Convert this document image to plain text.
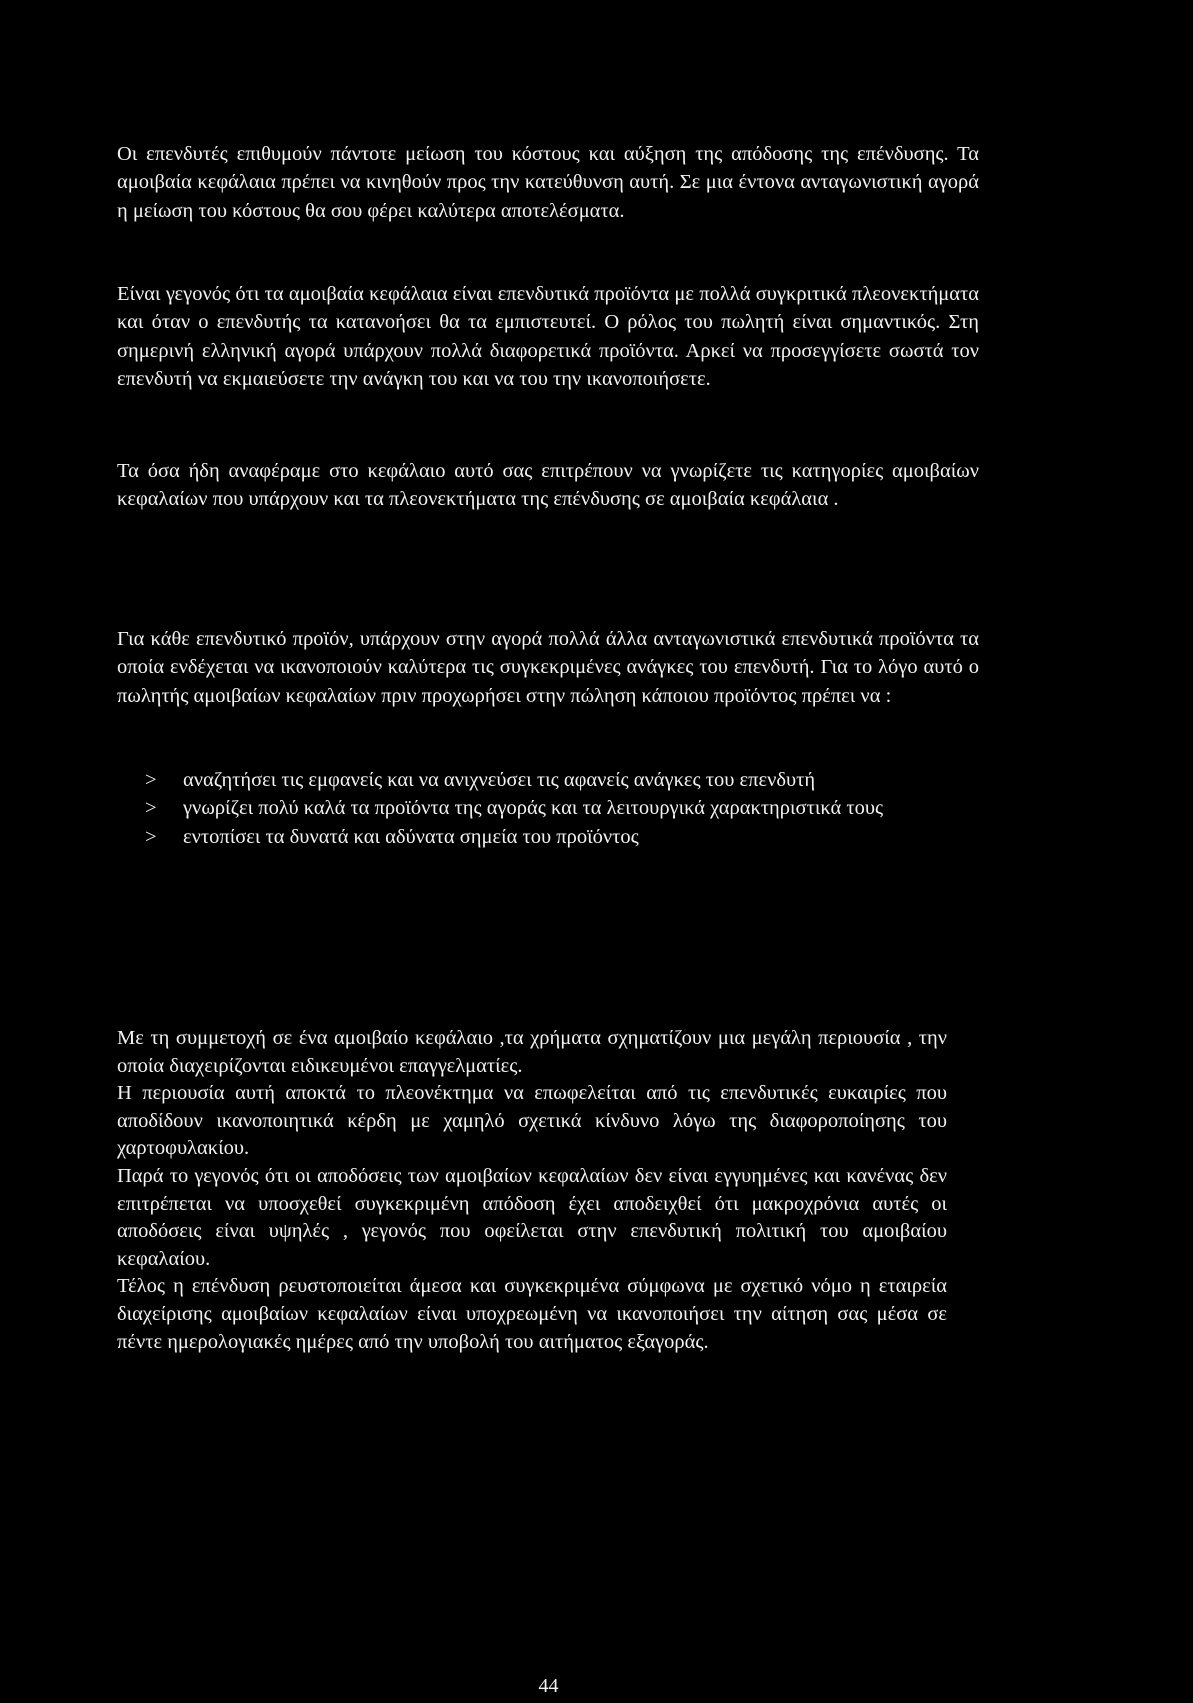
Οι επενδυτές επιθυμούν πάντοτε μείωση του κόστους και αύξηση της απόδοσης της επένδυσης. Τα αμοιβαία κεφάλαια πρέπει να κινηθούν προς την κατεύθυνση αυτή. Σε μια έντονα ανταγωνιστική αγορά η μείωση του κόστους θα σου φέρει καλύτερα αποτελέσματα.

Είναι γεγονός ότι τα αμοιβαία κεφάλαια είναι επενδυτικά προϊόντα με πολλά συγκριτικά πλεονεκτήματα και όταν ο επενδυτής τα κατανοήσει θα τα εμπιστευτεί. Ο ρόλος του πωλητή είναι σημαντικός. Στη σημερινή ελληνική αγορά υπάρχουν πολλά διαφορετικά προϊόντα. Αρκεί να προσεγγίσετε σωστά τον επενδυτή να εκμαιεύσετε την ανάγκη του και να του την ικανοποιήσετε.

Τα όσα ήδη αναφέραμε στο κεφάλαιο αυτό σας επιτρέπουν να γνωρίζετε τις κατηγορίες αμοιβαίων κεφαλαίων που υπάρχουν και τα πλεονεκτήματα της επένδυσης σε αμοιβαία κεφάλαια .

Για κάθε επενδυτικό προϊόν, υπάρχουν στην αγορά πολλά άλλα ανταγωνιστικά επενδυτικά προϊόντα τα οποία ενδέχεται να ικανοποιούν καλύτερα τις συγκεκριμένες ανάγκες του επενδυτή. Για το λόγο αυτό ο πωλητής αμοιβαίων κεφαλαίων πριν προχωρήσει στην πώληση κάποιου προϊόντος πρέπει να :

> αναζητήσει τις εμφανείς και να ανιχνεύσει τις αφανείς ανάγκες του επενδυτή
> γνωρίζει πολύ καλά τα προϊόντα της αγοράς και τα λειτουργικά χαρακτηριστικά τους
> εντοπίσει τα δυνατά και αδύνατα σημεία του προϊόντος
Με τη συμμετοχή σε ένα αμοιβαίο κεφάλαιο ,τα χρήματα σχηματίζουν μια μεγάλη περιουσία , την οποία διαχειρίζονται ειδικευμένοι επαγγελματίες.
Η περιουσία αυτή αποκτά το πλεονέκτημα να επωφελείται από τις επενδυτικές ευκαιρίες που αποδίδουν ικανοποιητικά κέρδη με χαμηλό σχετικά κίνδυνο λόγω της διαφοροποίησης του χαρτοφυλακίου.
Παρά το γεγονός ότι οι αποδόσεις των αμοιβαίων κεφαλαίων δεν είναι εγγυημένες και κανένας δεν επιτρέπεται να υποσχεθεί συγκεκριμένη απόδοση έχει αποδειχθεί ότι μακροχρόνια αυτές οι αποδόσεις είναι υψηλές , γεγονός που οφείλεται στην επενδυτική πολιτική του αμοιβαίου κεφαλαίου.
Τέλος η επένδυση ρευστοποιείται άμεσα και συγκεκριμένα σύμφωνα με σχετικό νόμο η εταιρεία διαχείρισης αμοιβαίων κεφαλαίων είναι υποχρεωμένη να ικανοποιήσει την αίτηση σας μέσα σε πέντε ημερολογιακές ημέρες από την υποβολή του αιτήματος εξαγοράς.
44
